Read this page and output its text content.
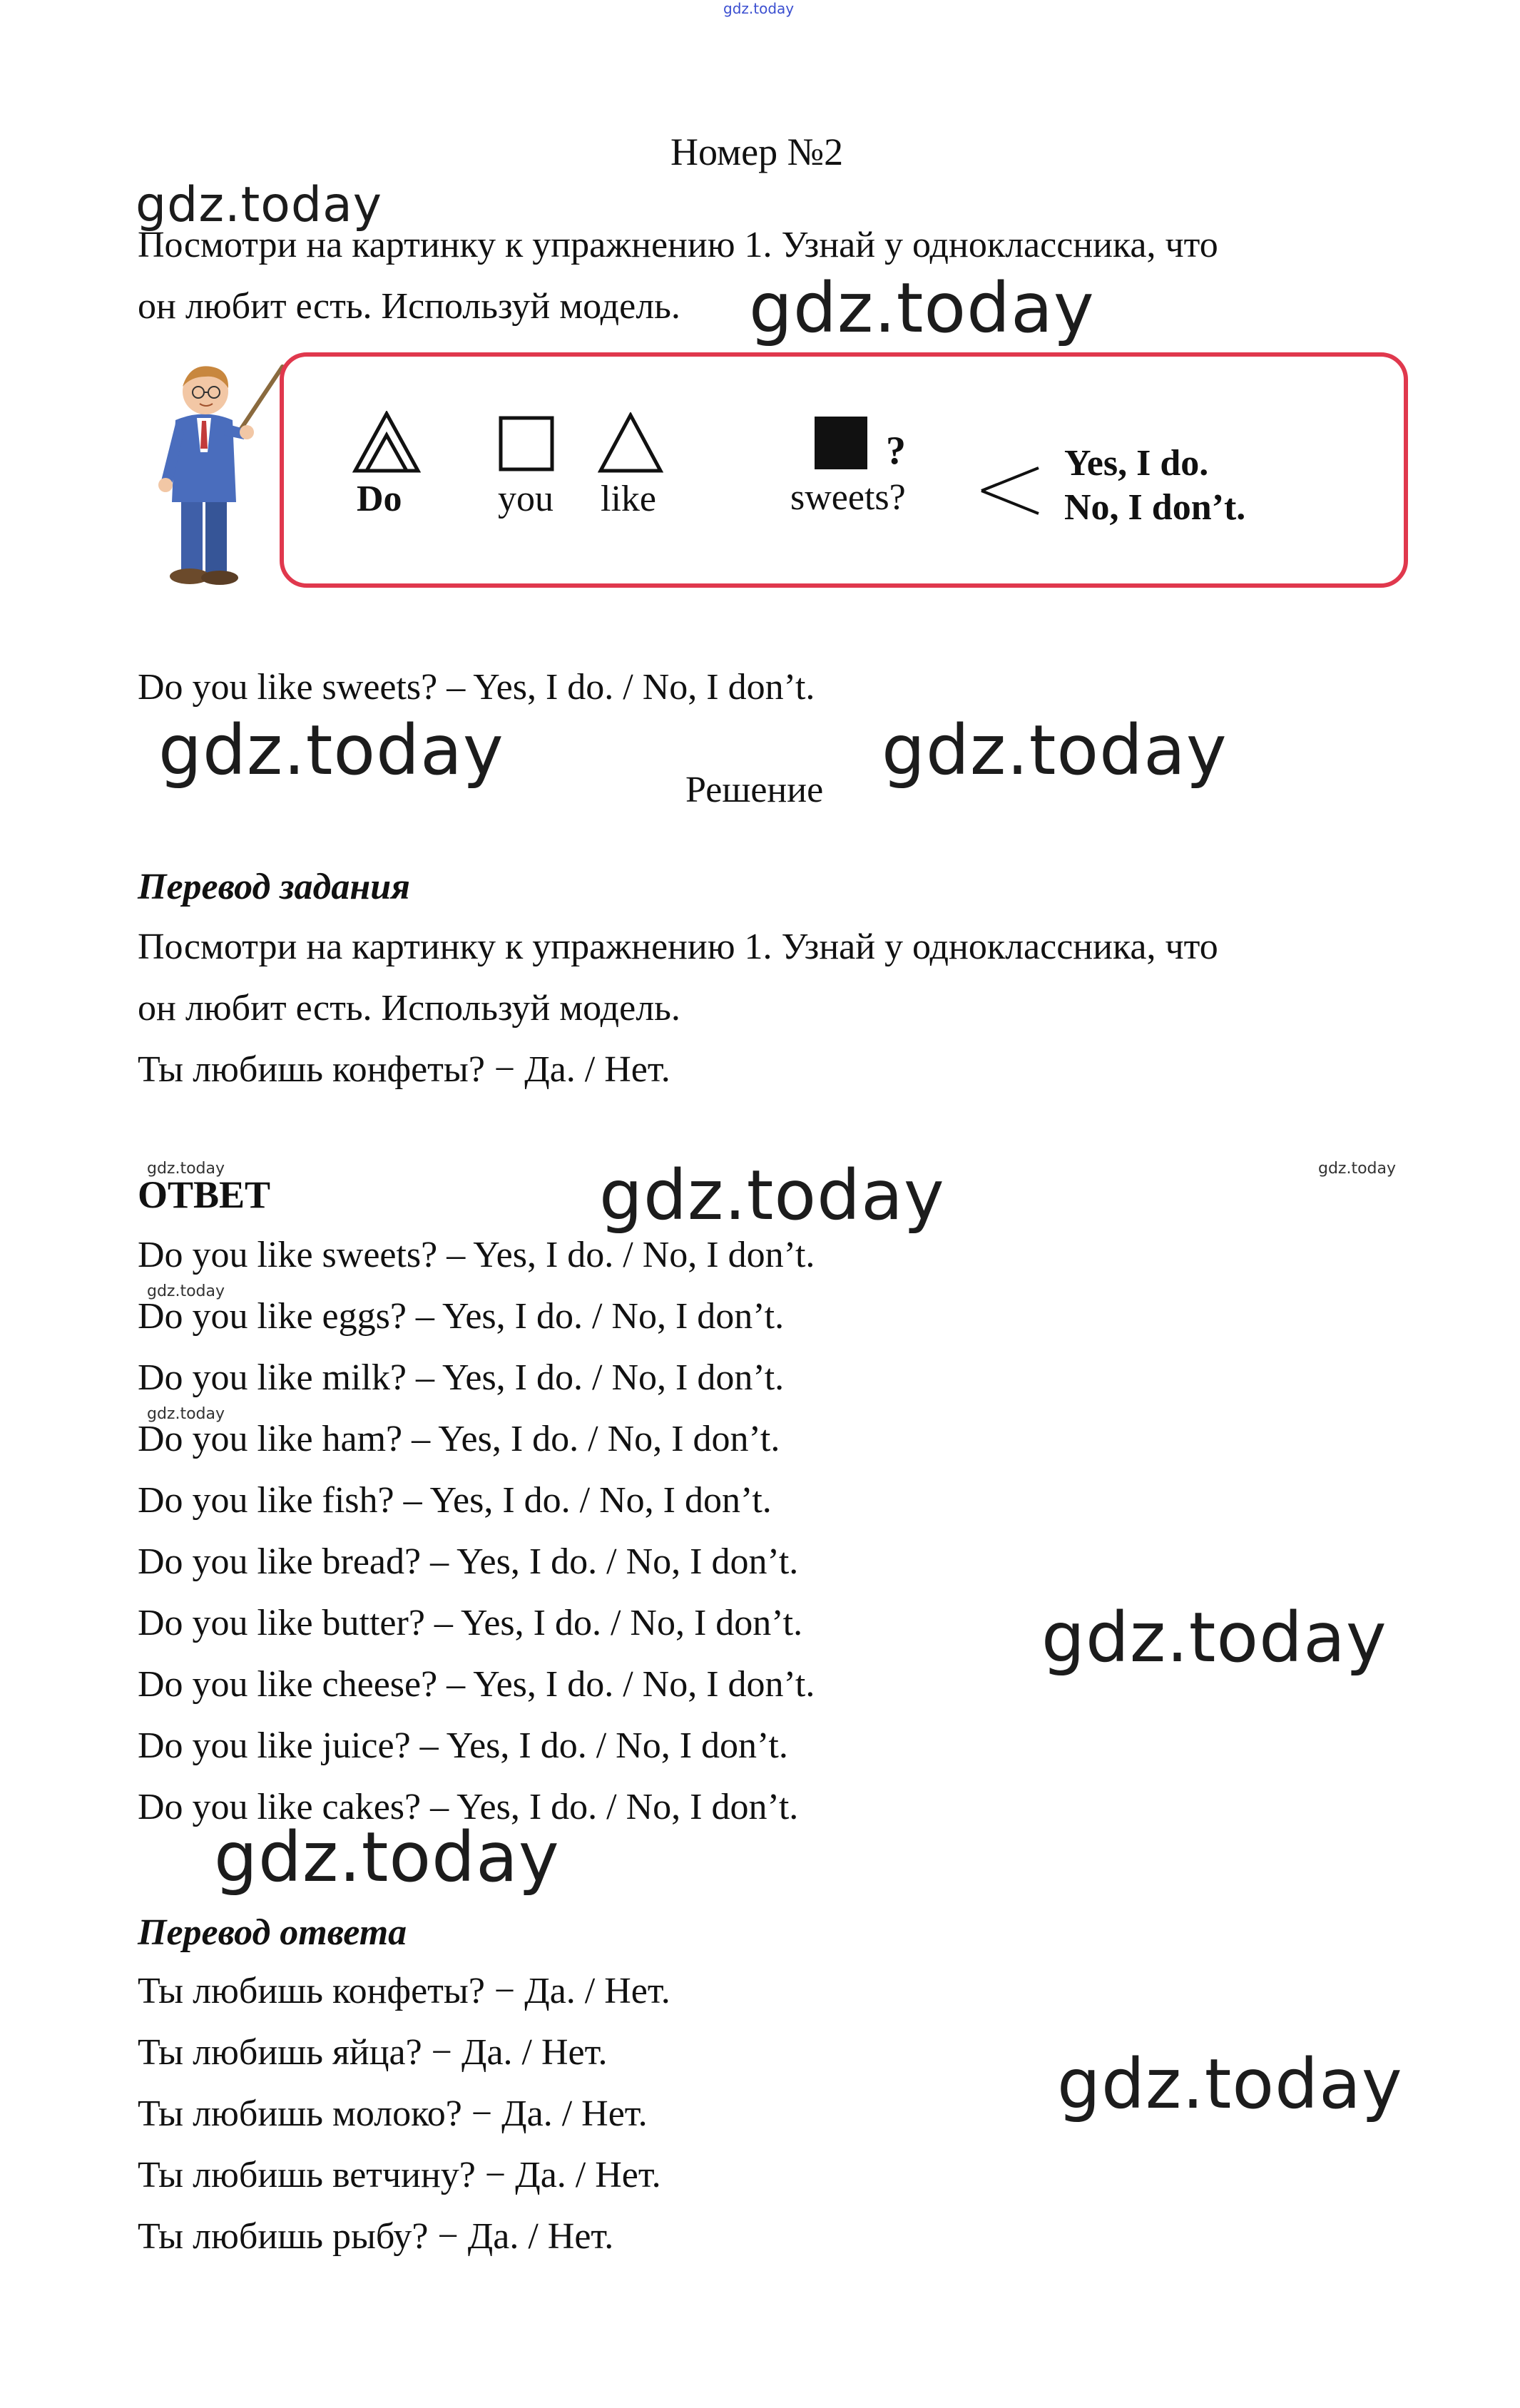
gdz.today
Номер №2
gdz.today
Посмотри на картинку к упражнению 1. Узнай у одноклассника, что
он любит есть. Используй модель. gdz.today
Do	you like
?
sweets?
Yes, I do.
No, I don’t.
Do you like sweets? – Yes, I do. / No, I don’t.
gdz.today	Решение gdz.today
Перевод задания
Посмотри на картинку к упражнению 1. Узнай у одноклассника, что
он любит есть. Используй модель.
Ты любишь конфеты? − Да. / Нет.
gdz.today	gdz.today
ОТВЕТ	gdz.today
Do you like sweets? – Yes, I do. / No, I don’t.
gdz.today
Do you like eggs? – Yes, I do. / No, I don’t.
Do you like milk? – Yes, I do. / No, I don’t.
gdz.today
Do you like ham? – Yes, I do. / No, I don’t.
Do you like fish? – Yes, I do. / No, I don’t.
Do you like bread? – Yes, I do. / No, I don’t.
Do you like butter? – Yes, I do. / No, I don’t.	gdz.today
Do you like cheese? – Yes, I do. / No, I don’t.
Do you like juice? – Yes, I do. / No, I don’t.
Do you like cakes? – Yes, I do. / No, I don’t.
gdz.today
Перевод ответа
Ты любишь конфеты? − Да. / Нет.
Ты любишь яйца? − Да. / Нет.	gdz.today
Ты любишь молоко? − Да. / Нет.
Ты любишь ветчину? − Да. / Нет.
Ты любишь рыбу? − Да. / Нет.
